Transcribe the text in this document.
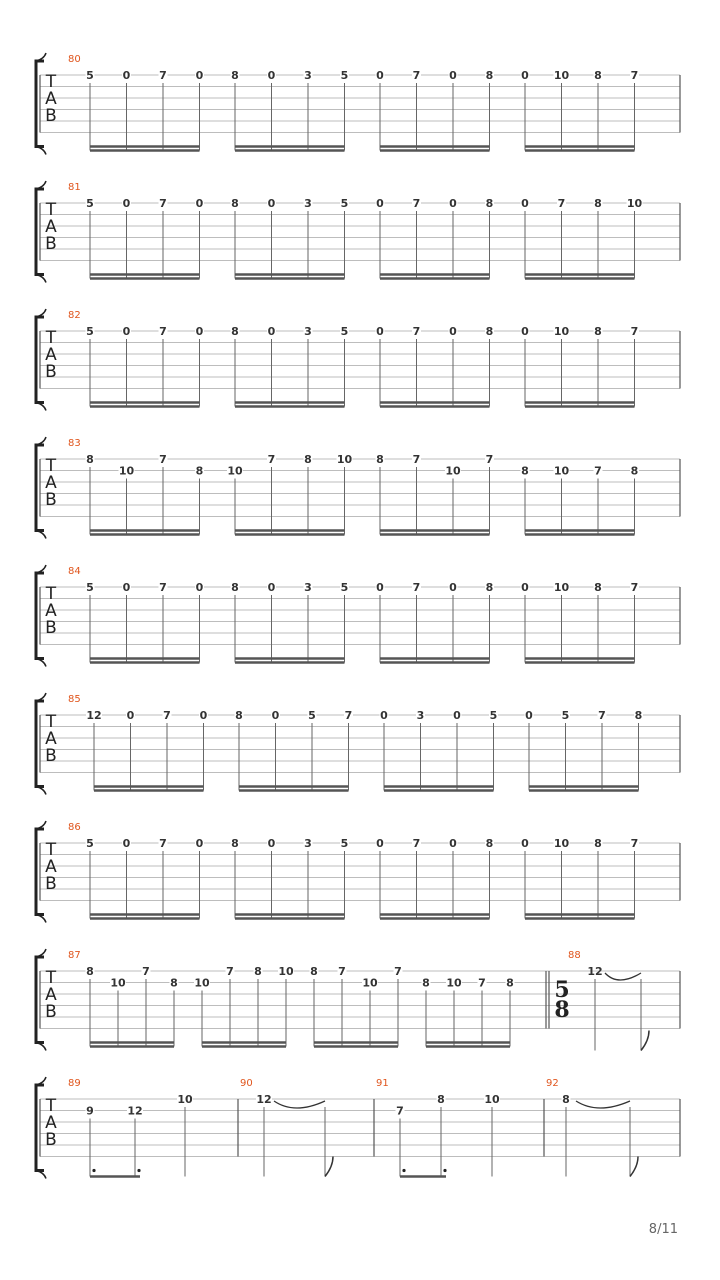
T
A
B
80
5	0	7	0	8	0	3	5	0	7	0	8	0 10 8	7
T
A
B
81
5	0	7	0	8	0	3	5	0	7	0	8	0	7	8 10
T
A
B
82
5	0	7	0	8	0	3	5	0	7	0	8	0 10 8	7
T
A
B
83
8
10
7
8 10
7	8 10 8	7
10
7
8 10 7	8
T
A
B
84
5	0	7	0	8	0	3	5	0	7	0	8	0 10 8	7
T
A
B
85
12 0	7	0	8	0	5	7	0	3	0	5	0	5	7	8
T
A
B
86
5	0	7	0	8	0	3	5	0	7	0	8	0 10 8	7
T
A
B
87
8
10
7
8 10
7 8 10 8 7
10
7
8 10 7 8
88
5
8
12
T
A
B
89
9	12
10
90
12
91
7
8	10
92
8
8/11
